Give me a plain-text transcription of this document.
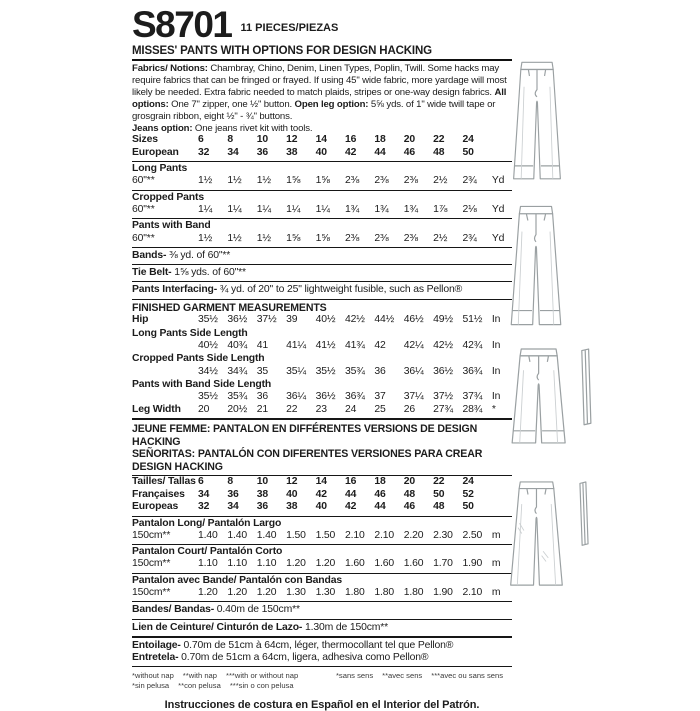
S8701 11 PIECES/PIEZAS
MISSES' PANTS WITH OPTIONS FOR DESIGN HACKING
Fabrics/ Notions: Chambray, Chino, Denim, Linen Types, Poplin, Twill. Some hacks may require fabrics that can be fringed or frayed. If using 45" wide fabric, more yardage will most likely be needed. Extra fabric needed to match plaids, stripes or one-way design fabrics. All options: One 7" zipper, one ½" button. Open leg option: 5⅝ yds. of 1" wide twill tape or grosgrain ribbon, eight ½" - ¾" buttons.
Jeans option: One jeans rivet kit with tools.
Sizes	6	8	10	12	14	16	18	20	22	24
European	32	34	36	38	40	42	44	46	48	50
Long Pants
60"**	1½	1½	1½	1⅝	1⅝	2⅜	2⅜	2⅜	2½	2¾	Yd
Cropped Pants
60"**	1¼	1¼	1¼	1¼	1¼	1¾	1¾	1¾	1⅞	2⅛	Yd
Pants with Band
60"**	1½	1½	1½	1⅝	1⅝	2⅜	2⅜	2⅜	2½	2¾	Yd
Bands- ⅜ yd. of 60"**
Tie Belt- 1⅝ yds. of 60"**
Pants Interfacing- ¾ yd. of 20" to 25" lightweight fusible, such as Pellon®
FINISHED GARMENT MEASUREMENTS
Hip	35½ 36½ 37½ 39	40½ 42½ 44½ 46½ 49½ 51½ In
Long Pants Side Length
40½ 40¾ 41	41¼ 41½ 41¾ 42	42¼ 42½ 42¾ In
Cropped Pants Side Length
34½ 34¾ 35	35¼ 35½ 35¾ 36	36¼ 36½ 36¾ In
Pants with Band Side Length
35½ 35¾ 36	36¼ 36½ 36¾ 37	37¼ 37½ 37¾ In
Leg Width	20	20½ 21	22	23	24	25	26	27¾ 28¾ *
JEUNE FEMME: PANTALON EN DIFFÉRENTES VERSIONS DE DESIGN HACKING
SEÑORITAS: PANTALÓN CON DIFERENTES VERSIONES PARA CREAR DESIGN HACKING
Tailles/ Tallas 6	8	10	12	14	16	18	20	22	24
Françaises	34	36	38	40	42	44	46	48	50	52
Europeas	32	34	36	38	40	42	44	46	48	50
Pantalon Long/ Pantalón Largo
150cm**	1.40 1.40 1.40 1.50 1.50 2.10 2.10 2.20 2.30 2.50 m
Pantalon Court/ Pantalón Corto
150cm**	1.10 1.10 1.10 1.20 1.20 1.60 1.60 1.60 1.70 1.90 m
Pantalon avec Bande/ Pantalón con Bandas
150cm**	1.20 1.20 1.20 1.30 1.30 1.80 1.80 1.80 1.90 2.10 m
Bandes/ Bandas- 0.40m de 150cm**
Lien de Ceinture/ Cinturón de Lazo- 1.30m de 150cm**
Entoilage- 0.70m de 51cm à 64cm, léger, thermocollant tel que Pellon®
Entretela- 0.70m de 51cm a 64cm, ligera, adhesiva como Pellon®
*without nap **with nap ***with or without nap
*sin pelusa **con pelusa ***sin o con pelusa
*sans sens **avec sens ***avec ou sans sens
Instrucciones de costura en Español en el Interior del Patrón.
